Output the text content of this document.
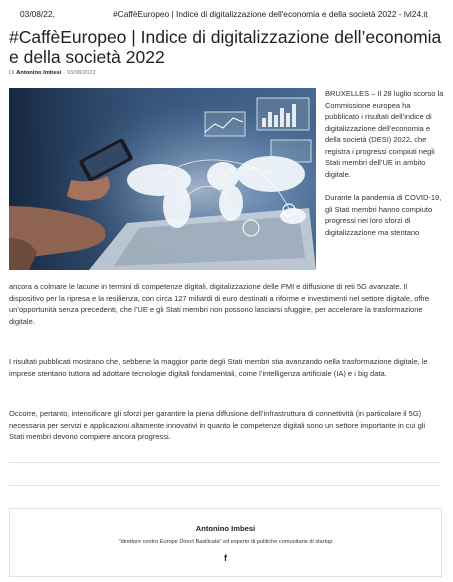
03/08/22,	#CaffèEuropeo | Indice di digitalizzazione dell'economia e della società 2022 - lvl24.it
#CaffèEuropeo | Indice di digitalizzazione dell’economia e della società 2022
Di Antonino Imbesi - 03/08/2022

BRUXELLES – Il 28 luglio scorso la Commissione europea ha pubblicato i risultati dell’indice di digitalizzazione dell’economia e della società (DESI) 2022, che registra i progressi compiuti negli Stati membri dell’UE in ambito digitale.

Durante la pandemia di COVID-19, gli Stati membri hanno compiuto progressi nei loro sforzi di digitalizzazione ma stentano

ancora a colmare le lacune in termini di competenze digitali, digitalizzazione delle PMI e diffusione di reti 5G avanzate. Il dispositivo per la ripresa e la resilienza, con circa 127 miliardi di euro destinati a riforme e investimenti nel settore digitale, offre un’opportunità senza precedenti, che l’UE e gli Stati membri non possono lasciarsi sfuggire, per accelerare la trasformazione digitale.

I risultati pubblicati mostrano che, sebbene la maggior parte degli Stati membri stia avanzando nella trasformazione digitale, le imprese stentano tuttora ad adottare tecnologie digitali fondamentali, come l’intelligenza artificiale (IA) e i big data.

Occorre, pertanto, intensificare gli sforzi per garantire la piena diffusione dell’infrastruttura di connettività (in particolare il 5G) necessaria per servizi e applicazioni altamente innovativi in quanto le competenze digitali sono un settore importante in cui gli Stati membri devono compiere ancora progressi.

Antonino Imbesi
"direttore centro Europe Direct Basilicata" ed esperto di politiche comunitarie di startup
f
